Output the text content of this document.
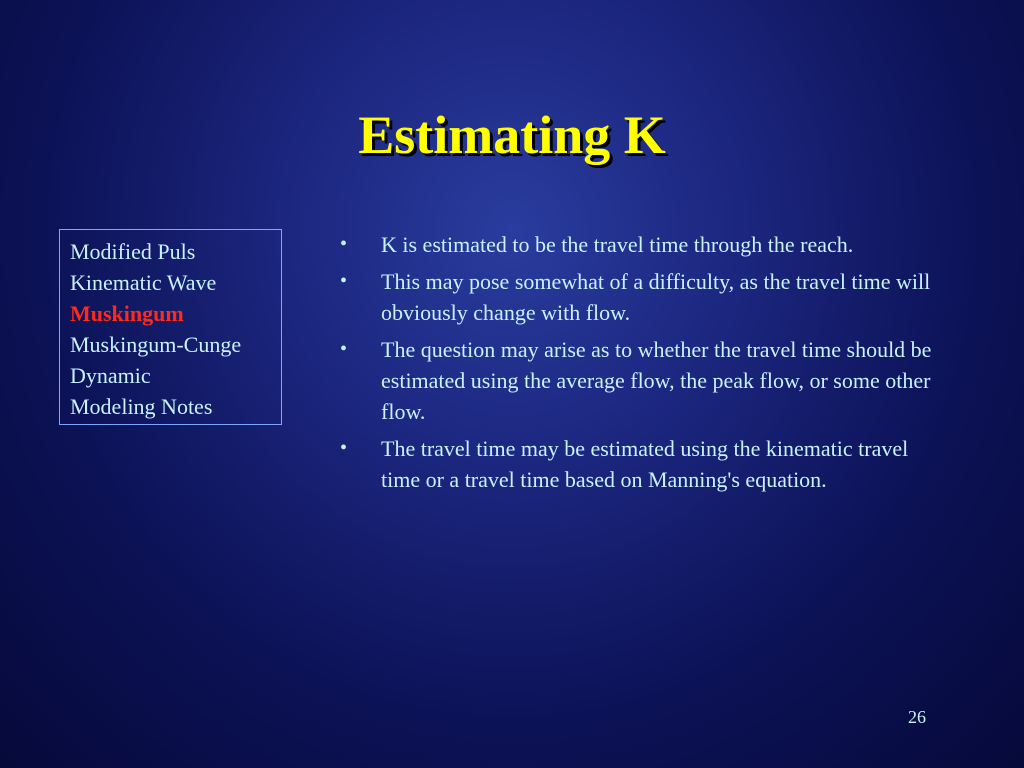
Estimating K
Modified Puls
Kinematic Wave
Muskingum
Muskingum-Cunge
Dynamic
Modeling Notes
•	K is estimated to be the travel time through the reach.
•	This may pose somewhat of a difficulty, as the travel time will obviously change with flow.
•	The question may arise as to whether the travel time should be estimated using the average flow, the peak flow, or some other flow.
•	The travel time may be estimated using the kinematic travel time or a travel time based on Manning's equation.
26
